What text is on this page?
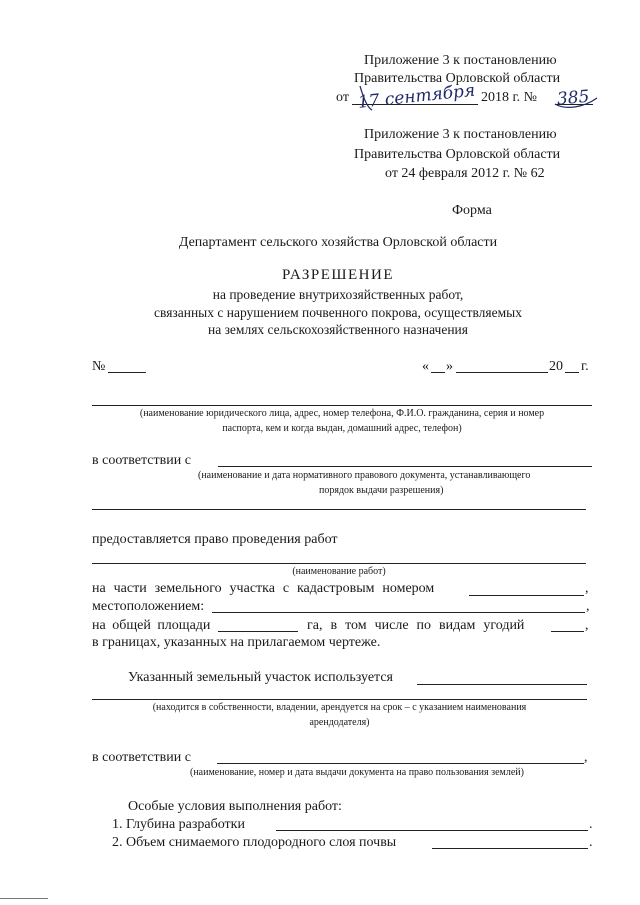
Приложение 3 к постановлению
Правительства Орловской области
от 17 сентября 2018 г. № 385
Приложение 3 к постановлению
Правительства Орловской области
от 24 февраля 2012 г. № 62
Форма
Департамент сельского хозяйства Орловской области
РАЗРЕШЕНИЕ
на проведение внутрихозяйственных работ,
связанных с нарушением почвенного покрова, осуществляемых
на землях сельскохозяйственного назначения
№	« »	20 г.
(наименование юридического лица, адрес, номер телефона, Ф.И.О. гражданина, серия и номер
паспорта, кем и когда выдан, домашний адрес, телефон)
в соответствии с
(наименование и дата нормативного правового документа, устанавливающего
порядок выдачи разрешения)
предоставляется право проведения работ
(наименование работ)
на части земельного участка с кадастровым номером	,
местоположением:	,
на общей площади	га, в том числе по видам угодий	,
в границах, указанных на прилагаемом чертеже.
Указанный земельный участок используется
(находится в собственности, владении, арендуется на срок – с указанием наименования
арендодателя)
в соответствии с	,
(наименование, номер и дата выдачи документа на право пользования землей)
Особые условия выполнения работ:
1. Глубина разработки	.
2. Объем снимаемого плодородного слоя почвы	.
